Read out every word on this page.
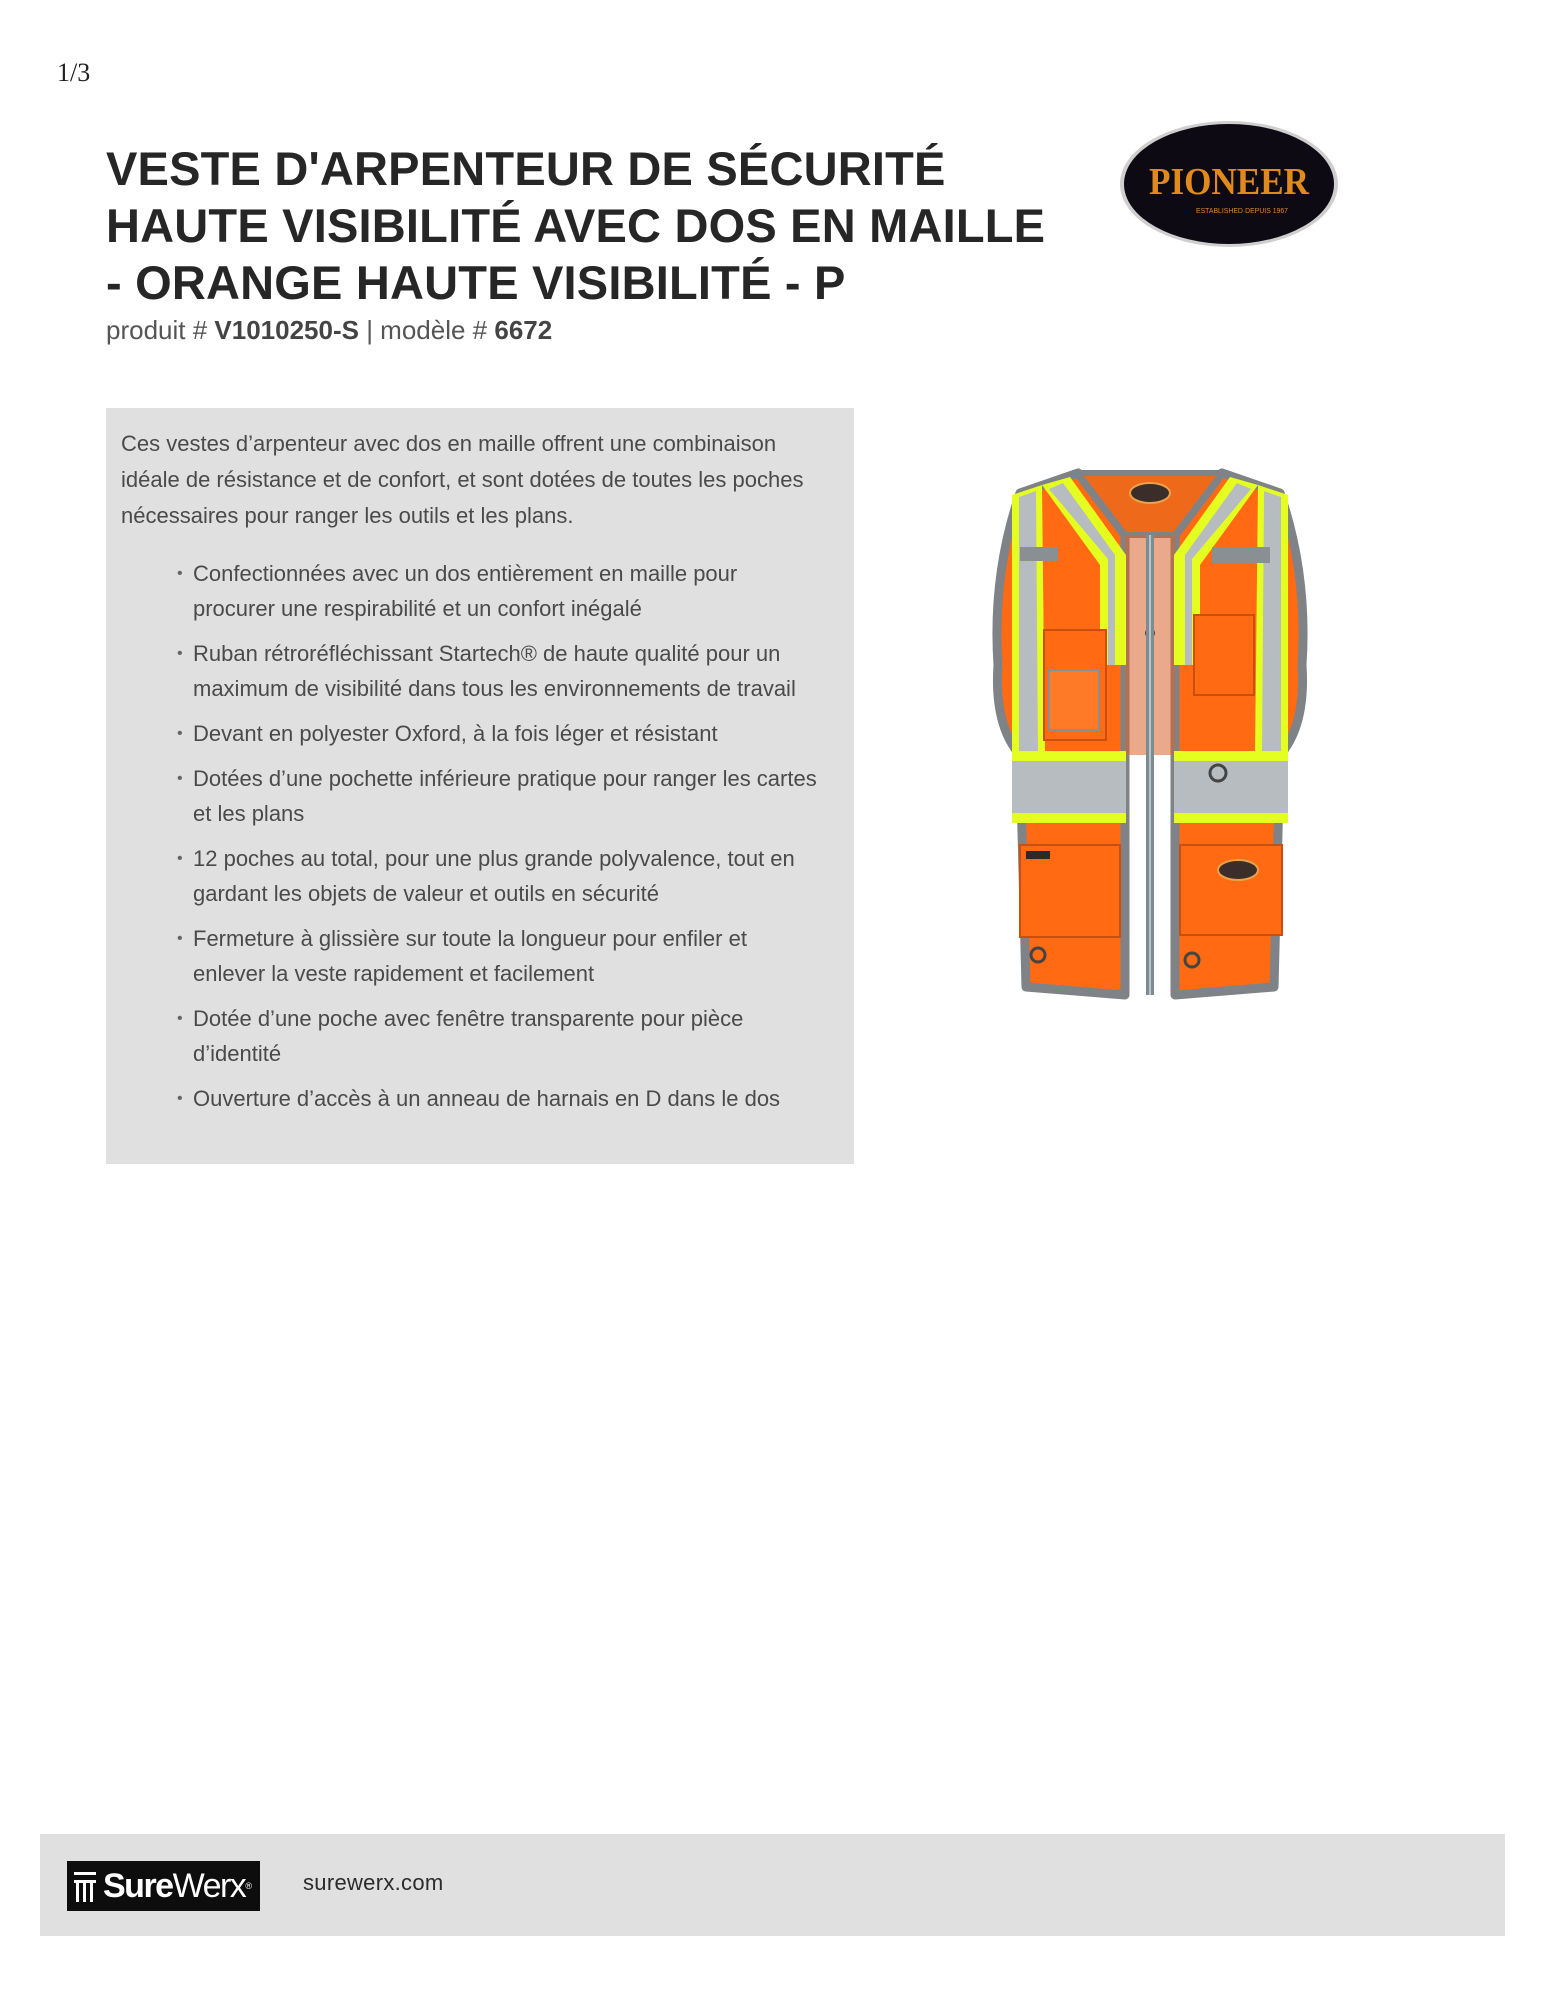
1/3
VESTE D'ARPENTEUR DE SÉCURITÉ HAUTE VISIBILITÉ AVEC DOS EN MAILLE - ORANGE HAUTE VISIBILITÉ - P
produit # V1010250-S | modèle # 6672
PIONEER
ESTABLISHED·DEPUIS 1967

Ces vestes d’arpenteur avec dos en maille offrent une combinaison idéale de résistance et de confort, et sont dotées de toutes les poches nécessaires pour ranger les outils et les plans.

• Confectionnées avec un dos entièrement en maille pour procurer une respirabilité et un confort inégalé
• Ruban rétroréfléchissant Startech® de haute qualité pour un maximum de visibilité dans tous les environnements de travail
• Devant en polyester Oxford, à la fois léger et résistant
• Dotées d’une pochette inférieure pratique pour ranger les cartes et les plans
• 12 poches au total, pour une plus grande polyvalence, tout en gardant les objets de valeur et outils en sécurité
• Fermeture à glissière sur toute la longueur pour enfiler et enlever la veste rapidement et facilement
• Dotée d’une poche avec fenêtre transparente pour pièce d’identité
• Ouverture d’accès à un anneau de harnais en D dans le dos
SureWerx® surewerx.com
